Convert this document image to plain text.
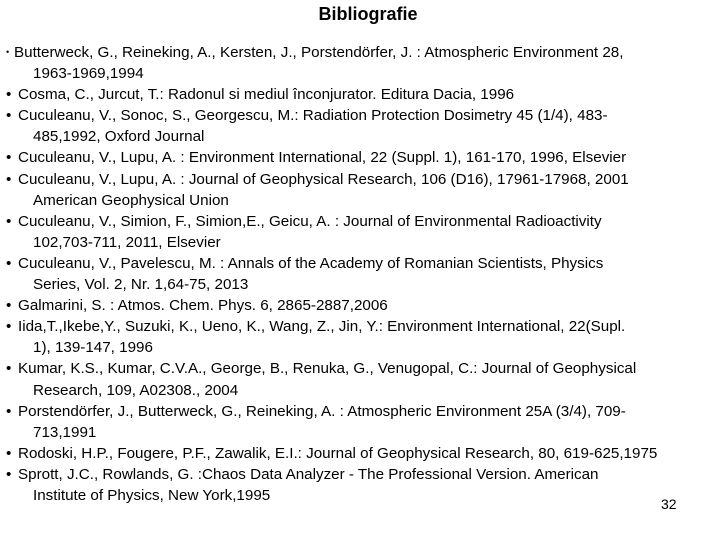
Bibliografie
• Butterweck, G., Reineking, A., Kersten, J., Porstendörfer, J. : Atmospheric Environment 28,
1963-1969,1994
• Cosma, C., Jurcut, T.: Radonul si mediul înconjurator. Editura Dacia, 1996
• Cuculeanu, V., Sonoc, S., Georgescu, M.: Radiation Protection Dosimetry 45 (1/4), 483-
485,1992, Oxford Journal
• Cuculeanu, V., Lupu, A. : Environment International, 22 (Suppl. 1), 161-170, 1996, Elsevier
• Cuculeanu, V., Lupu, A. : Journal of Geophysical Research, 106 (D16), 17961-17968, 2001
American Geophysical Union
• Cuculeanu, V., Simion, F., Simion,E., Geicu, A. : Journal of Environmental Radioactivity
102,703-711, 2011, Elsevier
• Cuculeanu, V., Pavelescu, M. : Annals of the Academy of Romanian Scientists, Physics
Series, Vol. 2, Nr. 1,64-75, 2013
• Galmarini, S. : Atmos. Chem. Phys. 6, 2865-2887,2006
• Iida,T.,Ikebe,Y., Suzuki, K., Ueno, K., Wang, Z., Jin, Y.: Environment International, 22(Supl.
1), 139-147, 1996
• Kumar, K.S., Kumar, C.V.A., George, B., Renuka, G., Venugopal, C.: Journal of Geophysical
Research, 109, A02308., 2004
• Porstendörfer, J., Butterweck, G., Reineking, A. : Atmospheric Environment 25A (3/4), 709-
713,1991
• Rodoski, H.P., Fougere, P.F., Zawalik, E.I.: Journal of Geophysical Research, 80, 619-625,1975
• Sprott, J.C., Rowlands, G. :Chaos Data Analyzer - The Professional Version. American
Institute of Physics, New York,1995
32
